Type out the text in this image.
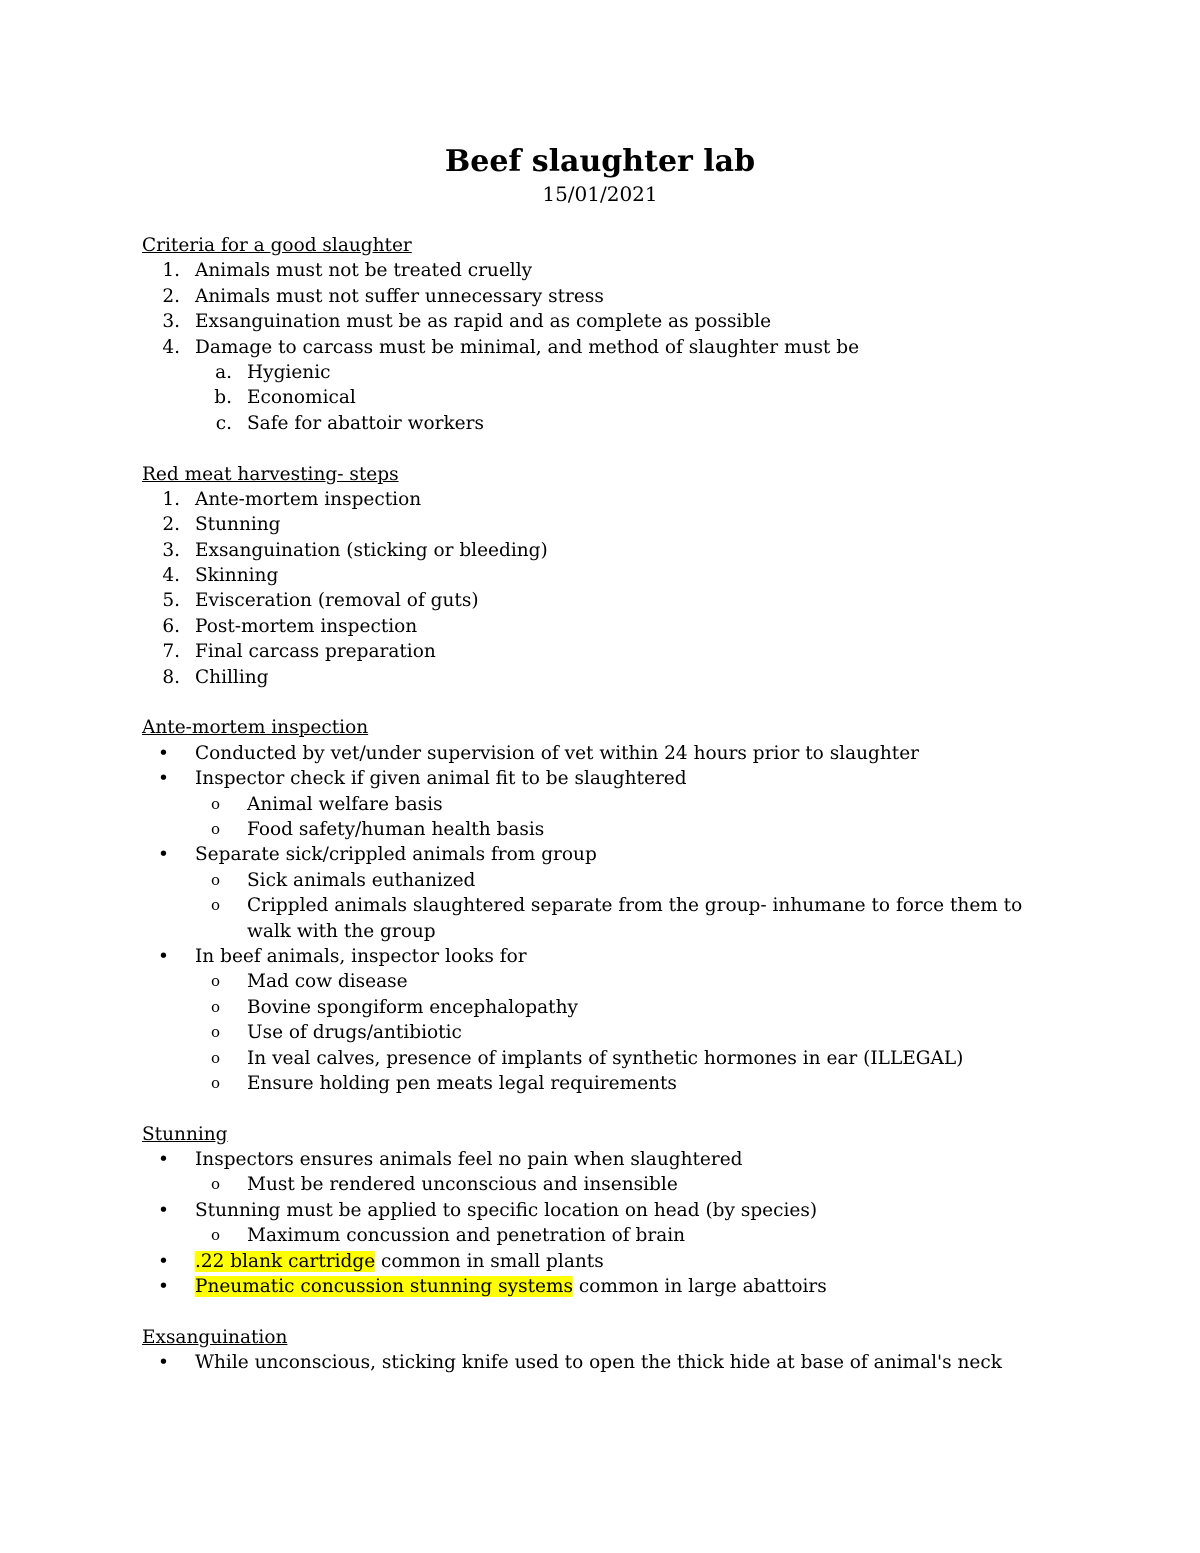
Beef slaughter lab
15/01/2021
Criteria for a good slaughter
1. Animals must not be treated cruelly
2. Animals must not suffer unnecessary stress
3. Exsanguination must be as rapid and as complete as possible
4. Damage to carcass must be minimal, and method of slaughter must be
a. Hygienic
b. Economical
c. Safe for abattoir workers
Red meat harvesting- steps
1. Ante-mortem inspection
2. Stunning
3. Exsanguination (sticking or bleeding)
4. Skinning
5. Evisceration (removal of guts)
6. Post-mortem inspection
7. Final carcass preparation
8. Chilling
Ante-mortem inspection
•	Conducted by vet/under supervision of vet within 24 hours prior to slaughter
•	Inspector check if given animal fit to be slaughtered
o	Animal welfare basis
o	Food safety/human health basis
•	Separate sick/crippled animals from group
o	Sick animals euthanized
o	Crippled animals slaughtered separate from the group- inhumane to force them to walk with the group
•	In beef animals, inspector looks for
o	Mad cow disease
o	Bovine spongiform encephalopathy
o	Use of drugs/antibiotic
o	In veal calves, presence of implants of synthetic hormones in ear (ILLEGAL)
o	Ensure holding pen meats legal requirements
Stunning
•	Inspectors ensures animals feel no pain when slaughtered
o	Must be rendered unconscious and insensible
•	Stunning must be applied to specific location on head (by species)
o	Maximum concussion and penetration of brain
•	.22 blank cartridge common in small plants
•	Pneumatic concussion stunning systems common in large abattoirs
Exsanguination
•	While unconscious, sticking knife used to open the thick hide at base of animal's neck
